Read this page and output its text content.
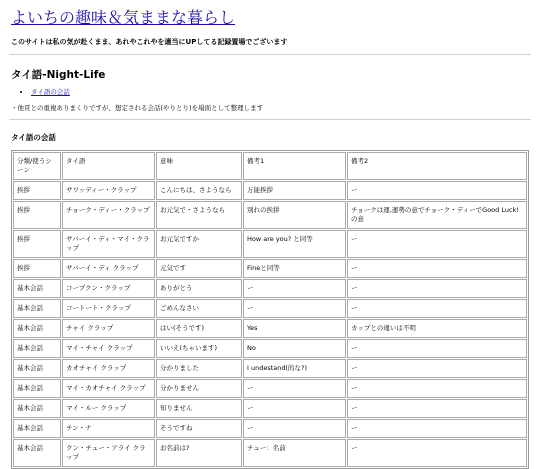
よいちの趣味＆気ままな暮らし
このサイトは私の気が赴くまま、あれやこれやを適当にUPしてる記録置場でございます
タイ語-Night-Life
• タイ語の会話
・他頁との重複ありまくりですが、想定される会話(やりとり)を場面として整理します
タイ語の会話
分類/使うシーン	タイ語	意味	備考1	備考2
挨拶	サワッディー・クラップ	こんにちは、さようなら	万能挨拶	ー
挨拶	チョーク・ディー・クラップ	お元気で・さようなら	別れの挨拶	チョークは運,運勢の意でチョーク・ディーでGood Luck!の意
挨拶	サバーイ・ディ・マイ・クラップ	お元気ですか	How are you? と同等	ー
挨拶	サバーイ・ディ クラップ	元気です	Fineと同等	ー
基本会話	コープクン・クラップ	ありがとう	ー	ー
基本会話	コートート・クラップ	ごめんなさい	ー	ー
基本会話	チャイ クラップ	はい(そうです)	Yes	カップとの違いは不明
基本会話	マイ・チャイ クラップ	いいえ(ちゃいます)	No	ー
基本会話	カオチャイ クラップ	分かりました	I undestand(的な?)	ー
基本会話	マイ・カオチャイ クラップ	分かりません	ー	ー
基本会話	マイ・ルー クラップ	知りません	ー	ー
基本会話	チン・ナ	そうですね	ー	ー
基本会話	クン・チュー・アライ クラップ	お名前は?	チュー：名前	ー
